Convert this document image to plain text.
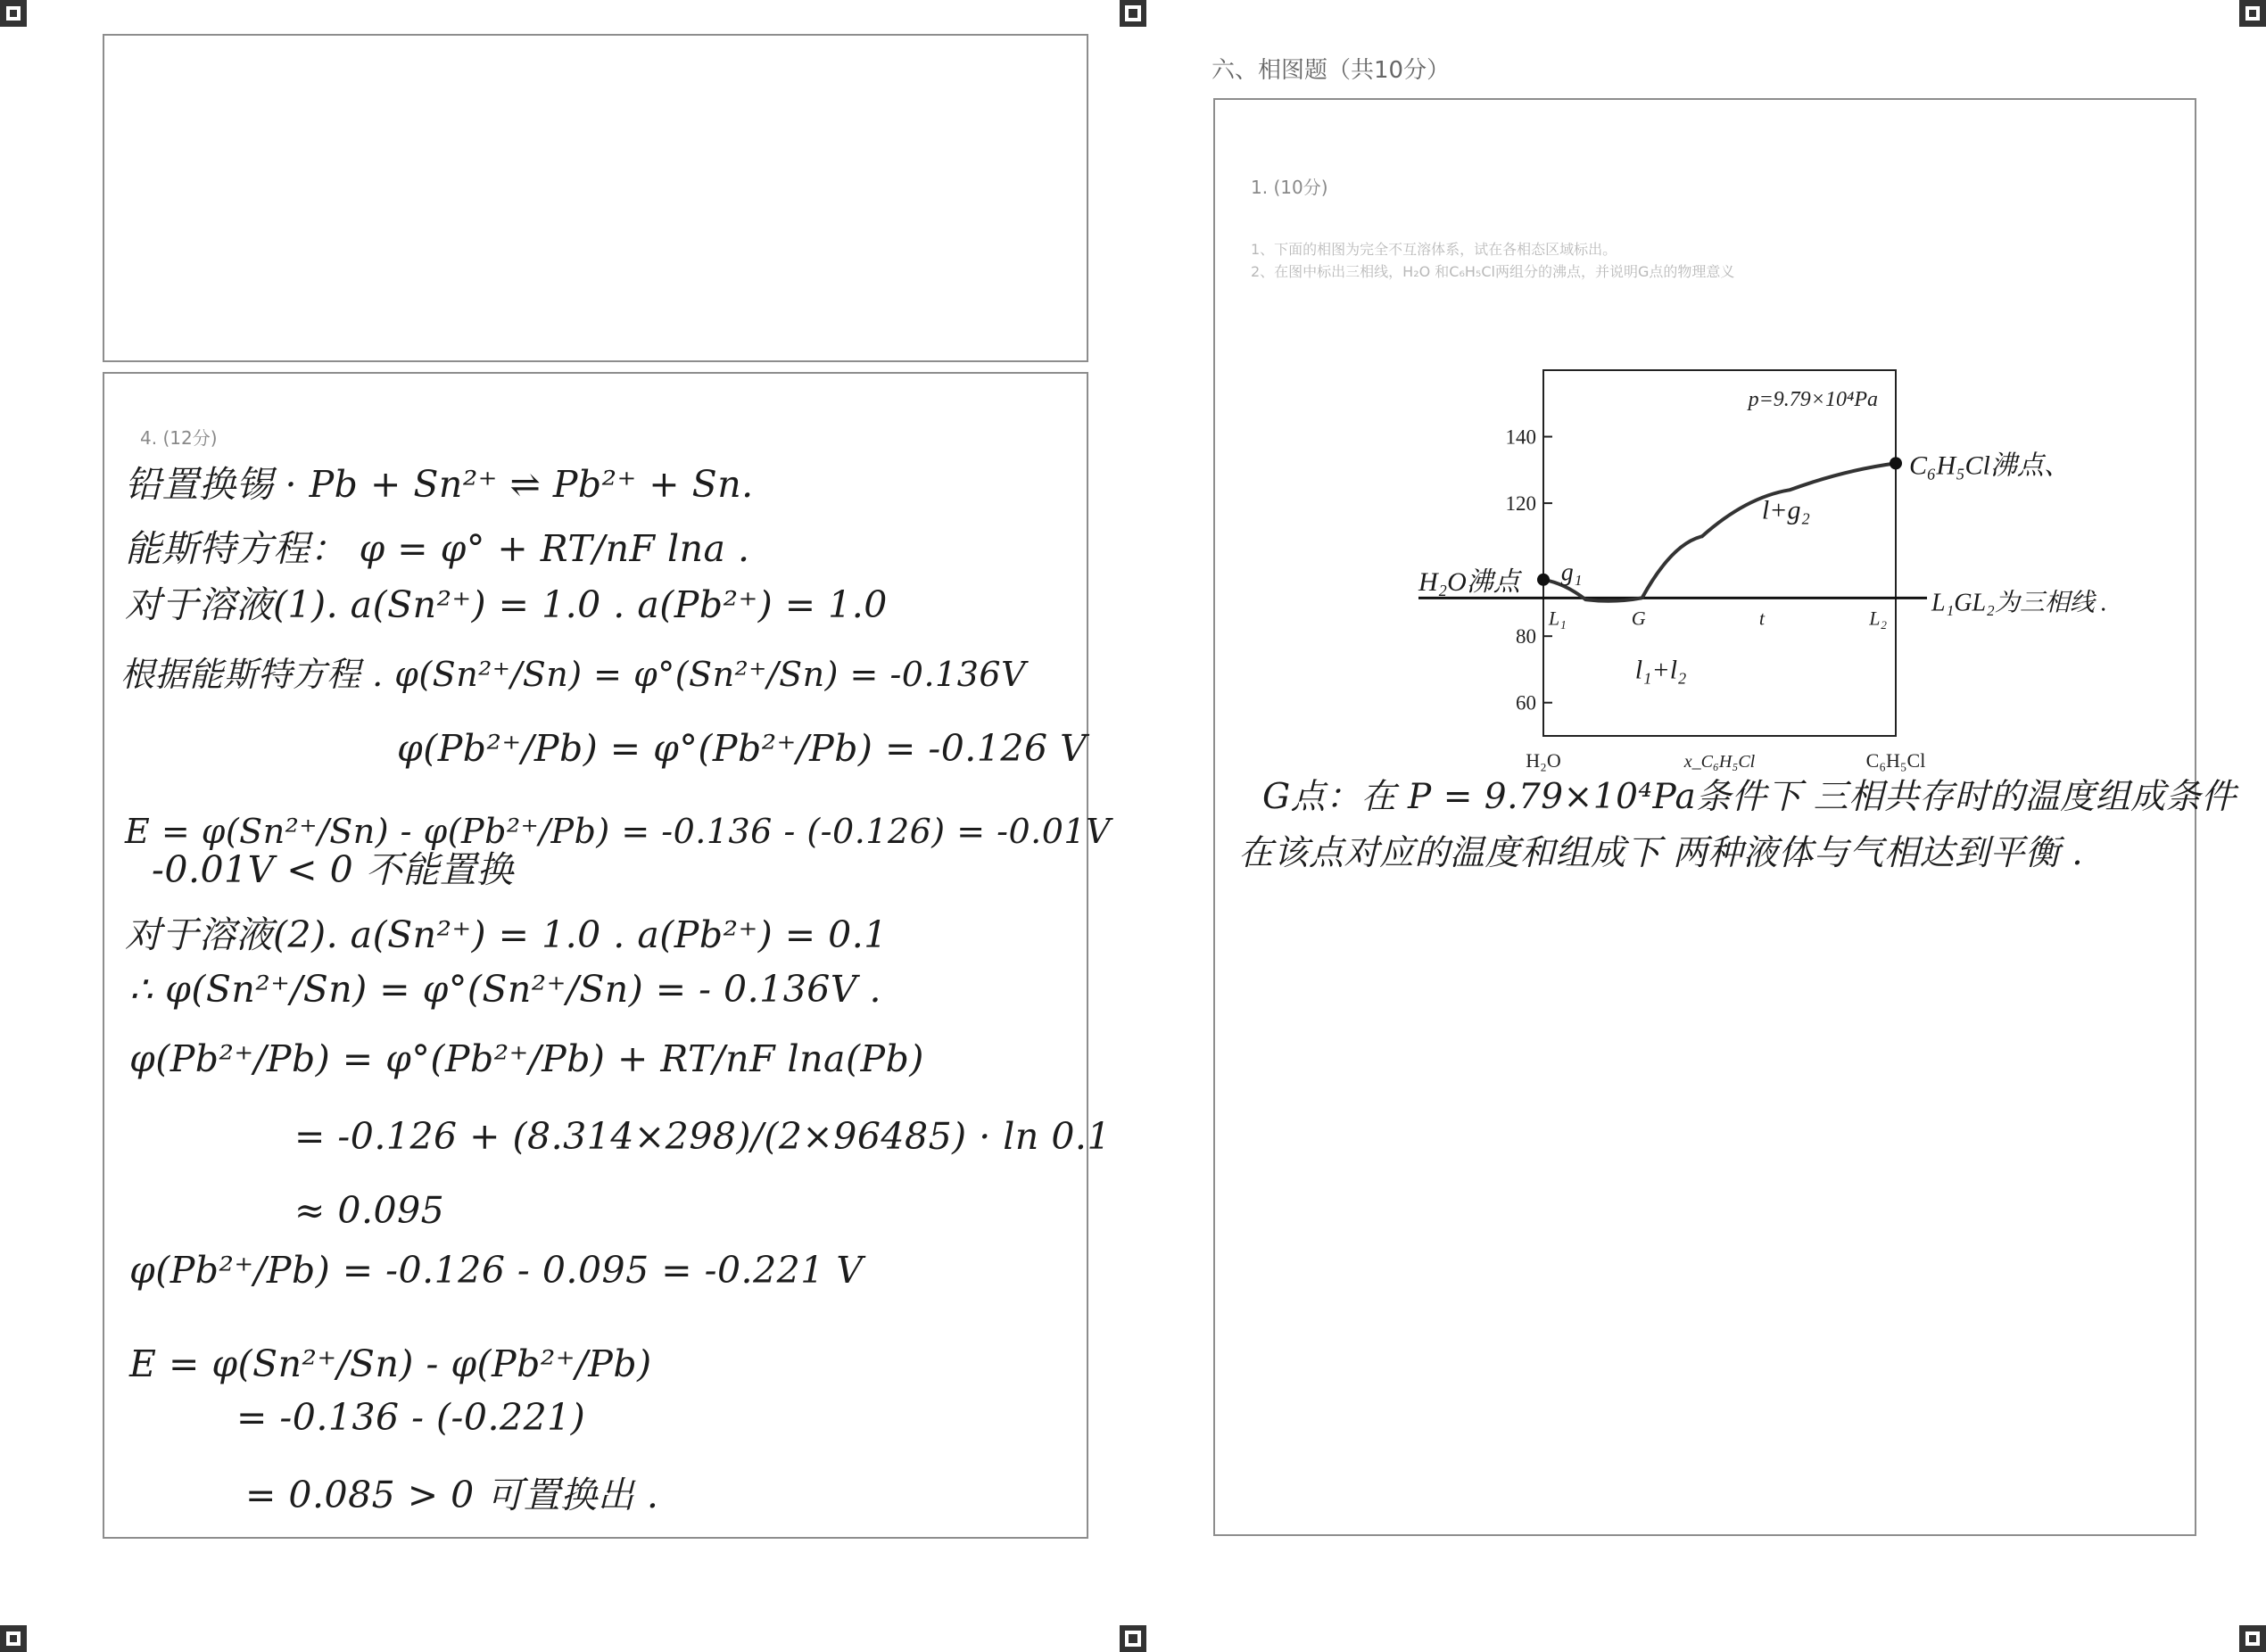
4. (12分)
铅置换锡 · Pb + Sn²⁺ ⇌ Pb²⁺ + Sn.
能斯特方程： φ = φ° + RT/nF lna .
对于溶液(1). a(Sn²⁺) = 1.0 . a(Pb²⁺) = 1.0
根据能斯特方程 . φ(Sn²⁺/Sn) = φ°(Sn²⁺/Sn) = -0.136V
φ(Pb²⁺/Pb) = φ°(Pb²⁺/Pb) = -0.126 V
E = φ(Sn²⁺/Sn) - φ(Pb²⁺/Pb) = -0.136 - (-0.126) = -0.01V
-0.01V < 0 不能置换
对于溶液(2). a(Sn²⁺) = 1.0 . a(Pb²⁺) = 0.1
∴ φ(Sn²⁺/Sn) = φ°(Sn²⁺/Sn) = - 0.136V .
φ(Pb²⁺/Pb) = φ°(Pb²⁺/Pb) + RT/nF lna(Pb)
= -0.126 + (8.314×298)/(2×96485) · ln 0.1
≈ 0.095
φ(Pb²⁺/Pb) = -0.126 - 0.095 = -0.221 V
E = φ(Sn²⁺/Sn) - φ(Pb²⁺/Pb)
= -0.136 - (-0.221)
= 0.085 > 0 可置换出 .
六、相图题（共10分）
1. (10分)
1、下面的相图为完全不互溶体系，试在各相态区域标出。
2、在图中标出三相线，H₂O 和C₆H₅Cl两组分的沸点，并说明G点的物理意义
p=9.79×10⁴Pa
60
80
120
140
H₂O	x_C₆H₅Cl	C₆H₅Cl
L₁	G	t	L₂
H₂O沸点
C₆H₅Cl沸点、
g₁
l+g₂
l₁+l₂
L₁GL₂为三相线 .
G点：在 P = 9.79×10⁴Pa条件下 三相共存时的温度组成条件
在该点对应的温度和组成下 两种液体与气相达到平衡 .
